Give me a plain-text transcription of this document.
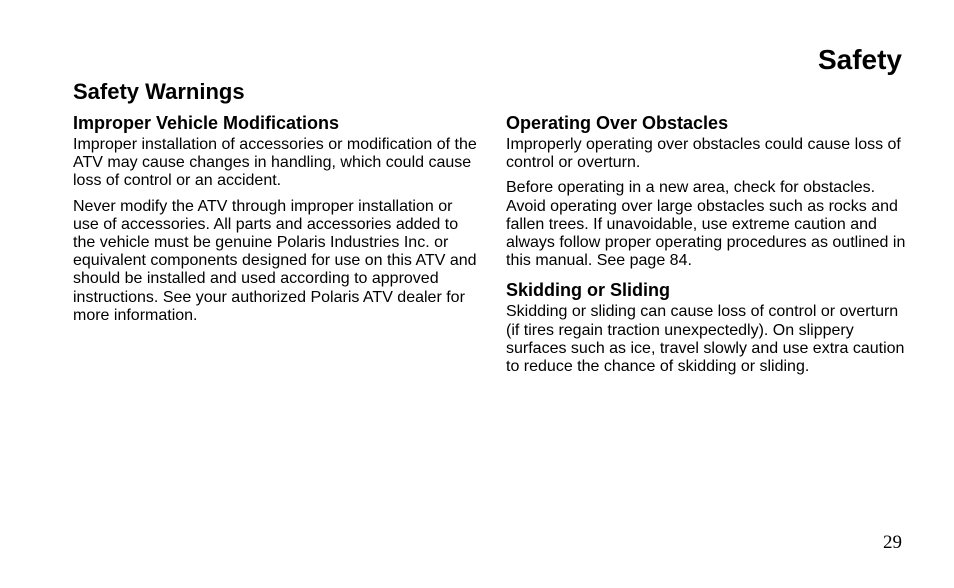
Safety
Safety Warnings
Improper Vehicle Modifications

Improper installation of accessories or modification of the ATV may cause changes in handling, which could cause loss of control or an accident.

Never modify the ATV through improper installation or use of accessories. All parts and accessories added to the vehicle must be genuine Polaris Industries Inc. or equivalent components designed for use on this ATV and should be installed and used according to approved instructions. See your authorized Polaris ATV dealer for more information.

Operating Over Obstacles

Improperly operating over obstacles could cause loss of control or overturn.

Before operating in a new area, check for obstacles. Avoid operating over large obstacles such as rocks and fallen trees. If unavoidable, use extreme caution and always follow proper operating procedures as outlined in this manual. See page 84.

Skidding or Sliding

Skidding or sliding can cause loss of control or overturn (if tires regain traction unexpectedly). On slippery surfaces such as ice, travel slowly and use extra caution to reduce the chance of skidding or sliding.

29
